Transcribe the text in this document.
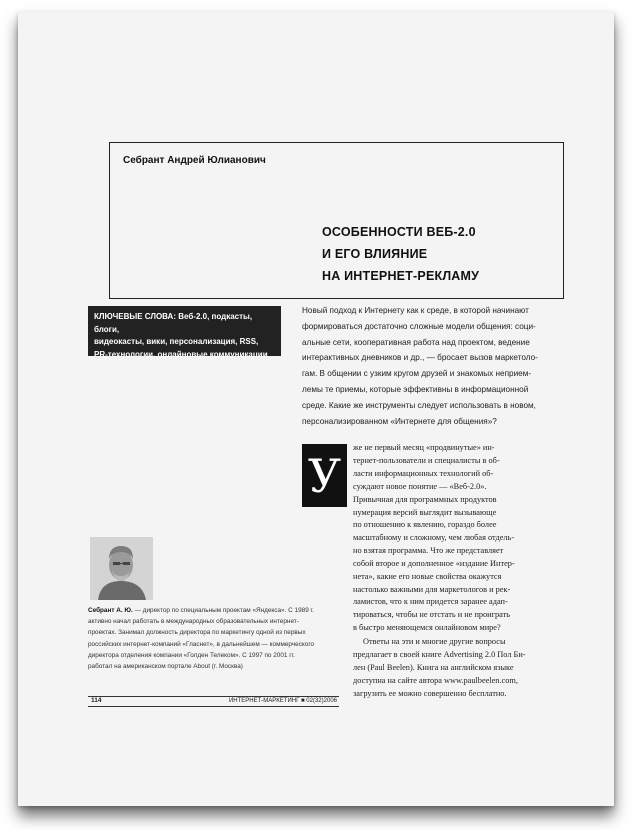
Себрант Андрей Юлианович
ОСОБЕННОСТИ ВЕБ-2.0
И ЕГО ВЛИЯНИЕ
НА ИНТЕРНЕТ-РЕКЛАМУ
КЛЮЧЕВЫЕ СЛОВА: Веб-2.0, подкасты, блоги,
видеокасты, вики, персонализация, RSS,
PR-технологии, онлайновые коммуникации
Новый подход к Интернету как к среде, в которой начинают
формироваться достаточно сложные модели общения: соци-
альные сети, кооперативная работа над проектом, ведение
интерактивных дневников и др., — бросает вызов маркетоло-
гам. В общении с узким кругом друзей и знакомых неприем-
лемы те приемы, которые эффективны в информационной
среде. Какие же инструменты следует использовать в новом,
персонализированном «Интернете для общения»?
У
же не первый месяц «продвинутые» ин-
тернет-пользователи и специалисты в об-
ласти информационных технологий об-
суждают новое понятие — «Веб-2.0».
Привычная для программных продуктов
нумерация версий выглядит вызывающе
по отношению к явлению, гораздо более
масштабному и сложному, чем любая отдель-
но взятая программа. Что же представляет
собой второе и дополненное «издание Интер-
нета», какие его новые свойства окажутся
настолько важными для маркетологов и рек-
ламистов, что к ним придется заранее адап-
тироваться, чтобы не отстать и не проиграть
в быстро меняющемся онлайновом мире?
Ответы на эти и многие другие вопросы
предлагает в своей книге Advertising 2.0 Пол Би-
лен (Paul Beelen). Книга на английском языке
доступна на сайте автора www.paulbeelen.com,
загрузить ее можно совершенно бесплатно.
Себрант А. Ю. — директор по специальным проектам «Яндекса». С 1989 г.
активно начал работать в международных образовательных интернет-
проектах. Занимал должность директора по маркетингу одной из первых
российских интернет-компаний «Гласнет», в дальнейшем — коммерческого
директора отделения компании «Голден Телеком». С 1997 по 2001 гг.
работал на американском портале About (г. Москва)
114	ИНТЕРНЕТ-МАРКЕТИНГ ■ 02(32)2006
